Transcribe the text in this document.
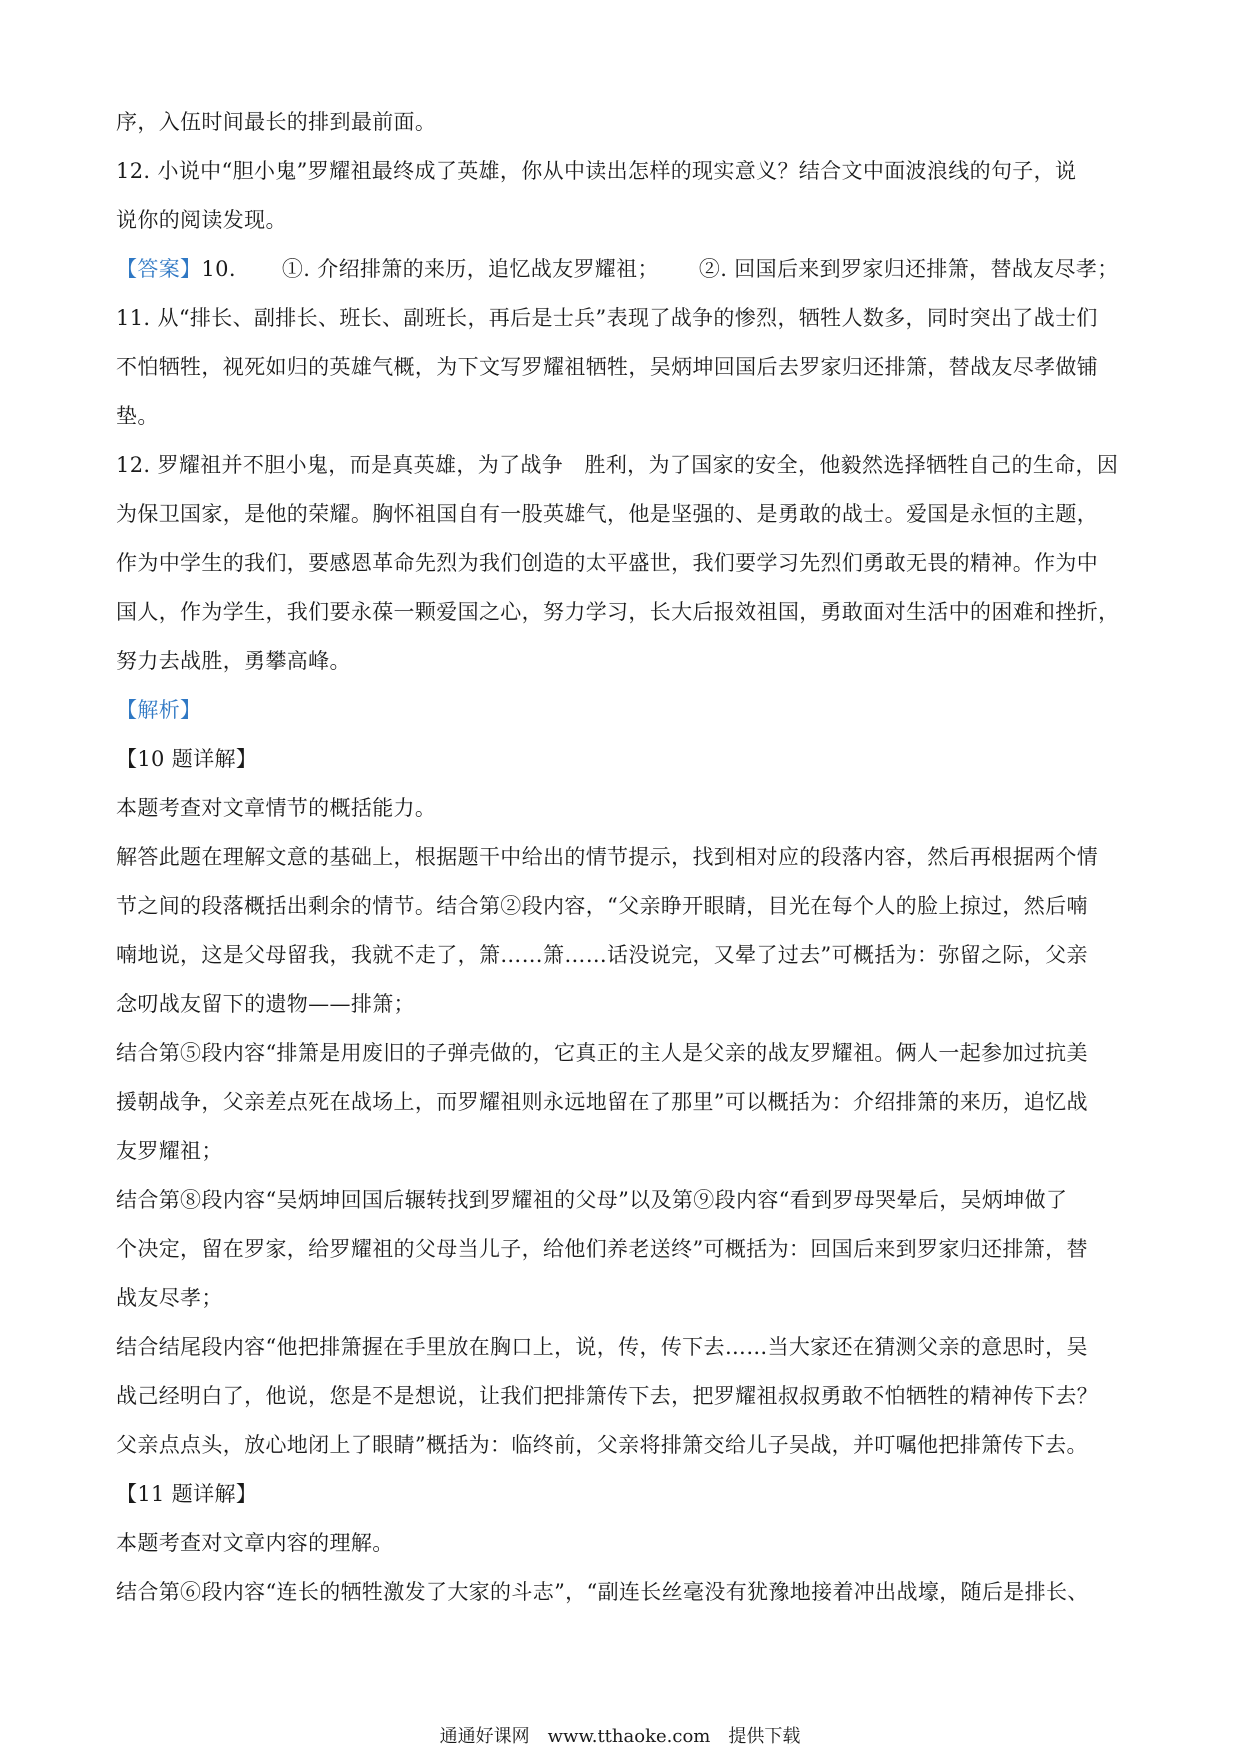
序，入伍时间最长的排到最前面。
12. 小说中“胆小鬼”罗耀祖最终成了英雄，你从中读出怎样的现实意义？结合文中面波浪线的句子，说
说你的阅读发现。
【答案】10. ①. 介绍排箫的来历，追忆战友罗耀祖； ②. 回国后来到罗家归还排箫，替战友尽孝；
11. 从“排长、副排长、班长、副班长，再后是士兵”表现了战争的惨烈，牺牲人数多，同时突出了战士们
不怕牺牲，视死如归的英雄气概，为下文写罗耀祖牺牲，吴炳坤回国后去罗家归还排箫，替战友尽孝做铺
垫。
12. 罗耀祖并不胆小鬼，而是真英雄，为了战争　胜利，为了国家的安全，他毅然选择牺牲自己的生命，因
为保卫国家，是他的荣耀。胸怀祖国自有一股英雄气，他是坚强的、是勇敢的战士。爱国是永恒的主题，
作为中学生的我们，要感恩革命先烈为我们创造的太平盛世，我们要学习先烈们勇敢无畏的精神。作为中
国人，作为学生，我们要永葆一颗爱国之心，努力学习，长大后报效祖国，勇敢面对生活中的困难和挫折，
努力去战胜，勇攀高峰。
【解析】
【10 题详解】
本题考查对文章情节的概括能力。
解答此题在理解文意的基础上，根据题干中给出的情节提示，找到相对应的段落内容，然后再根据两个情
节之间的段落概括出剩余的情节。结合第②段内容，“父亲睁开眼睛，目光在每个人的脸上掠过，然后喃
喃地说，这是父母留我，我就不走了，箫……箫……话没说完，又晕了过去”可概括为：弥留之际，父亲
念叨战友留下的遗物——排箫；
结合第⑤段内容“排箫是用废旧的子弹壳做的，它真正的主人是父亲的战友罗耀祖。俩人一起参加过抗美
援朝战争，父亲差点死在战场上，而罗耀祖则永远地留在了那里”可以概括为：介绍排箫的来历，追忆战
友罗耀祖；
结合第⑧段内容“吴炳坤回国后辗转找到罗耀祖的父母”以及第⑨段内容“看到罗母哭晕后，吴炳坤做了
个决定，留在罗家，给罗耀祖的父母当儿子，给他们养老送终”可概括为：回国后来到罗家归还排箫，替
战友尽孝；
结合结尾段内容“他把排箫握在手里放在胸口上，说，传，传下去……当大家还在猜测父亲的意思时，吴
战己经明白了，他说，您是不是想说，让我们把排箫传下去，把罗耀祖叔叔勇敢不怕牺牲的精神传下去？
父亲点点头，放心地闭上了眼睛”概括为：临终前，父亲将排箫交给儿子吴战，并叮嘱他把排箫传下去。
【11 题详解】
本题考查对文章内容的理解。
结合第⑥段内容“连长的牺牲激发了大家的斗志”，“副连长丝毫没有犹豫地接着冲出战壕，随后是排长、
通通好课网　www.tthaoke.com　提供下载
